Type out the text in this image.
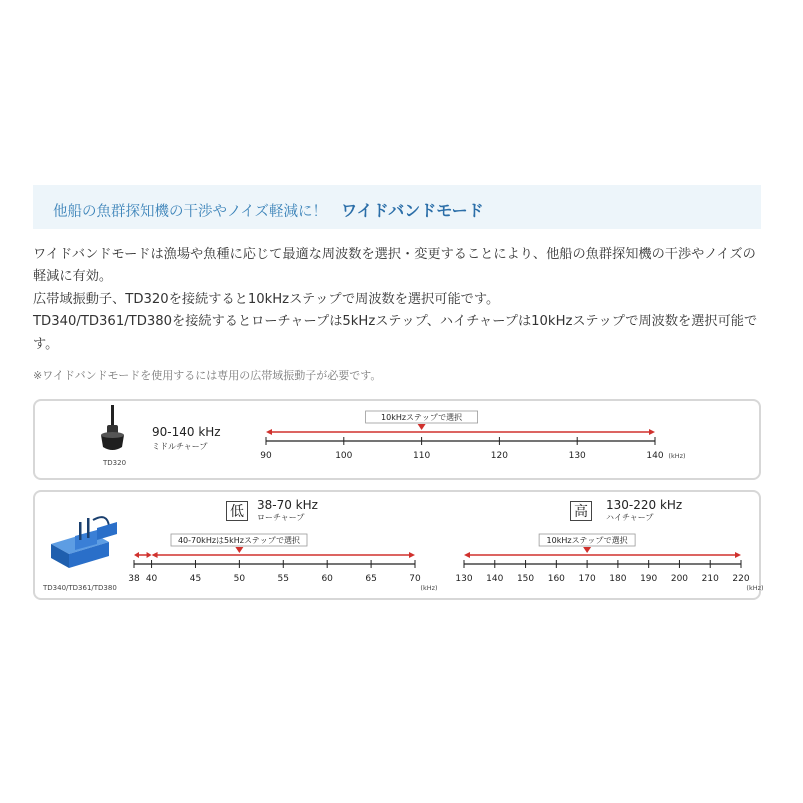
他船の魚群探知機の干渉やノイズ軽減に！ ワイドバンドモード

ワイドバンドモードは漁場や魚種に応じて最適な周波数を選択・変更することにより、他船の魚群探知機の干渉やノイズの軽減に有効。

広帯域振動子、TD320を接続すると10kHzステップで周波数を選択可能です。

TD340/TD361/TD380を接続するとローチャープは5kHzステップ、ハイチャープは10kHzステップで周波数を選択可能です。

※ワイドバンドモードを使用するには専用の広帯域振動子が必要です。
90	100	110	120	130	140 (kHz)
10kHzステップで選択
TD320
90-140 kHz
ミドルチャープ
38 40	45	50	55	60	65	70
(kHz)
40-70kHzは5kHzステップで選択
130 140 150 160 170 180 190 200 210 220
(kHz)
10kHzステップで選択
TD340/TD361/TD380
低	38-70 kHz
ローチャープ	高	130-220 kHz
ハイチャープ
